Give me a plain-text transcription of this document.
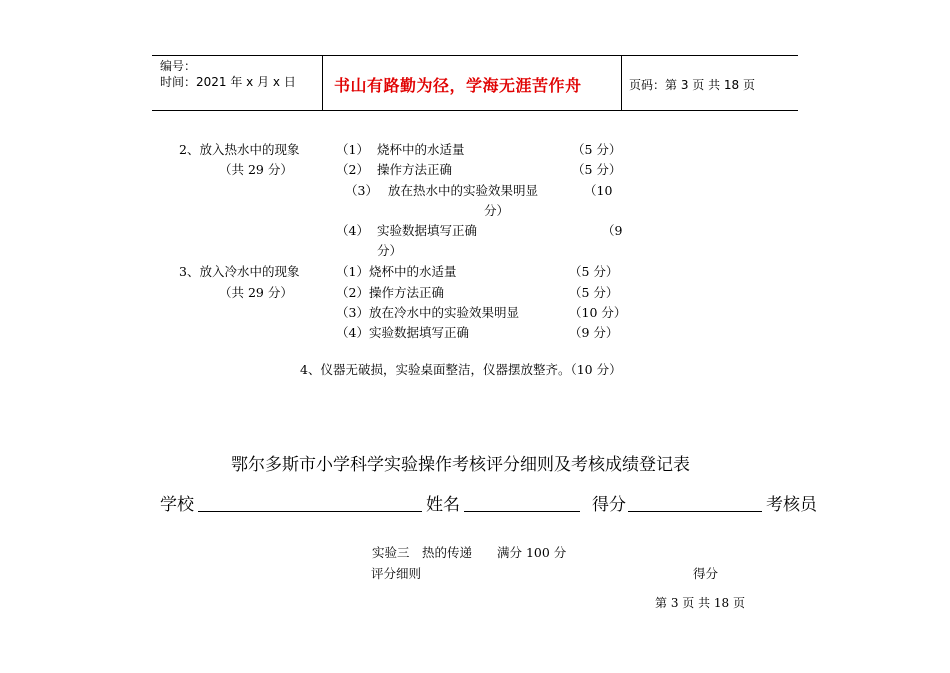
编号：
时间：2021 年 x 月 x 日 书山有路勤为径，学海无涯苦作舟	页码：第 3 页 共 18 页
2、放入热水中的现象
（共 29 分）
（1） 烧杯中的水适量	（5 分）
（2） 操作方法正确	（5 分）
（3） 放在热水中的实验效果明显	（10
分）
（4） 实验数据填写正确	（9
分）
3、放入冷水中的现象
（共 29 分）
（1）烧杯中的水适量	（5 分）
（2）操作方法正确	（5 分）
（3）放在冷水中的实验效果明显	（10 分）
（4）实验数据填写正确	（9 分）
4、仪器无破损，实验桌面整洁，仪器摆放整齐。（10 分）
鄂尔多斯市小学科学实验操作考核评分细则及考核成绩登记表
学校	姓名	得分	考核员
实验三　热的传递　　满分 100 分
评分细则	得分
第 3 页 共 18 页
